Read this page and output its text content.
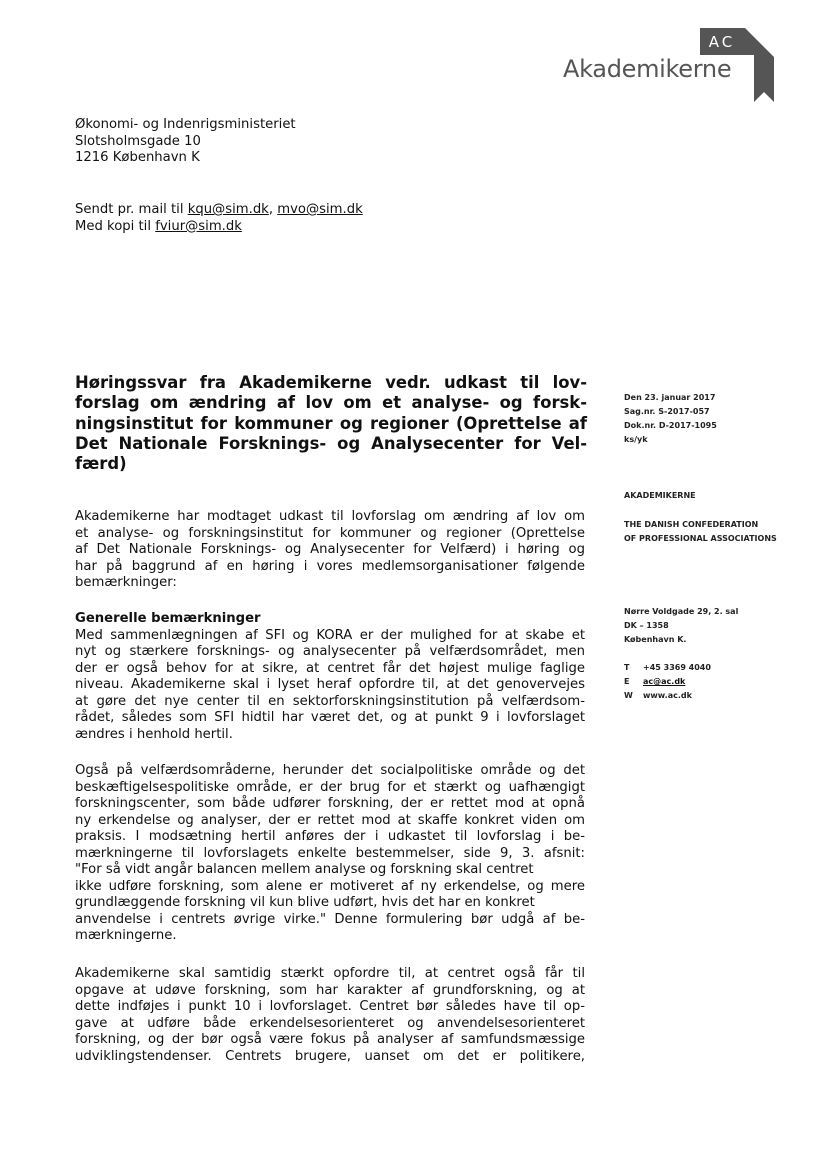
AC
Akademikerne
Økonomi- og Indenrigsministeriet
Slotsholmsgade 10
1216 København K
Sendt pr. mail til kqu@sim.dk, mvo@sim.dk
Med kopi til fviur@sim.dk
Høringssvar fra Akademikerne vedr. udkast til lov-
forslag om ændring af lov om et analyse- og forsk-
ningsinstitut for kommuner og regioner (Oprettelse af
Det Nationale Forsknings- og Analysecenter for Vel-
færd)
Akademikerne har modtaget udkast til lovforslag om ændring af lov om
et analyse- og forskningsinstitut for kommuner og regioner (Oprettelse
af Det Nationale Forsknings- og Analysecenter for Velfærd) i høring og
har på baggrund af en høring i vores medlemsorganisationer følgende
bemærkninger:
Generelle bemærkninger
Med sammenlægningen af SFI og KORA er der mulighed for at skabe et
nyt og stærkere forsknings- og analysecenter på velfærdsområdet, men
der er også behov for at sikre, at centret får det højest mulige faglige
niveau. Akademikerne skal i lyset heraf opfordre til, at det genovervejes
at gøre det nye center til en sektorforskningsinstitution på velfærdsom-
rådet, således som SFI hidtil har været det, og at punkt 9 i lovforslaget
ændres i henhold hertil.
Også på velfærdsområderne, herunder det socialpolitiske område og det
beskæftigelsespolitiske område, er der brug for et stærkt og uafhængigt
forskningscenter, som både udfører forskning, der er rettet mod at opnå
ny erkendelse og analyser, der er rettet mod at skaffe konkret viden om
praksis. I modsætning hertil anføres der i udkastet til lovforslag i be-
mærkningerne til lovforslagets enkelte bestemmelser, side 9, 3. afsnit:
"For så vidt angår balancen mellem analyse og forskning skal centret
ikke udføre forskning, som alene er motiveret af ny erkendelse, og mere
grundlæggende forskning vil kun blive udført, hvis det har en konkret
anvendelse i centrets øvrige virke." Denne formulering bør udgå af be-
mærkningerne.
Akademikerne skal samtidig stærkt opfordre til, at centret også får til
opgave at udøve forskning, som har karakter af grundforskning, og at
dette indføjes i punkt 10 i lovforslaget. Centret bør således have til op-
gave at udføre både erkendelsesorienteret og anvendelsesorienteret
forskning, og der bør også være fokus på analyser af samfundsmæssige
udviklingstendenser. Centrets brugere, uanset om det er politikere,
Den 23. januar 2017
Sag.nr. S-2017-057
Dok.nr. D-2017-1095
ks/yk
AKADEMIKERNE
THE DANISH CONFEDERATION
OF PROFESSIONAL ASSOCIATIONS
Nørre Voldgade 29, 2. sal
DK – 1358
København K.
T	+45 3369 4040
E	ac@ac.dk
W	www.ac.dk
